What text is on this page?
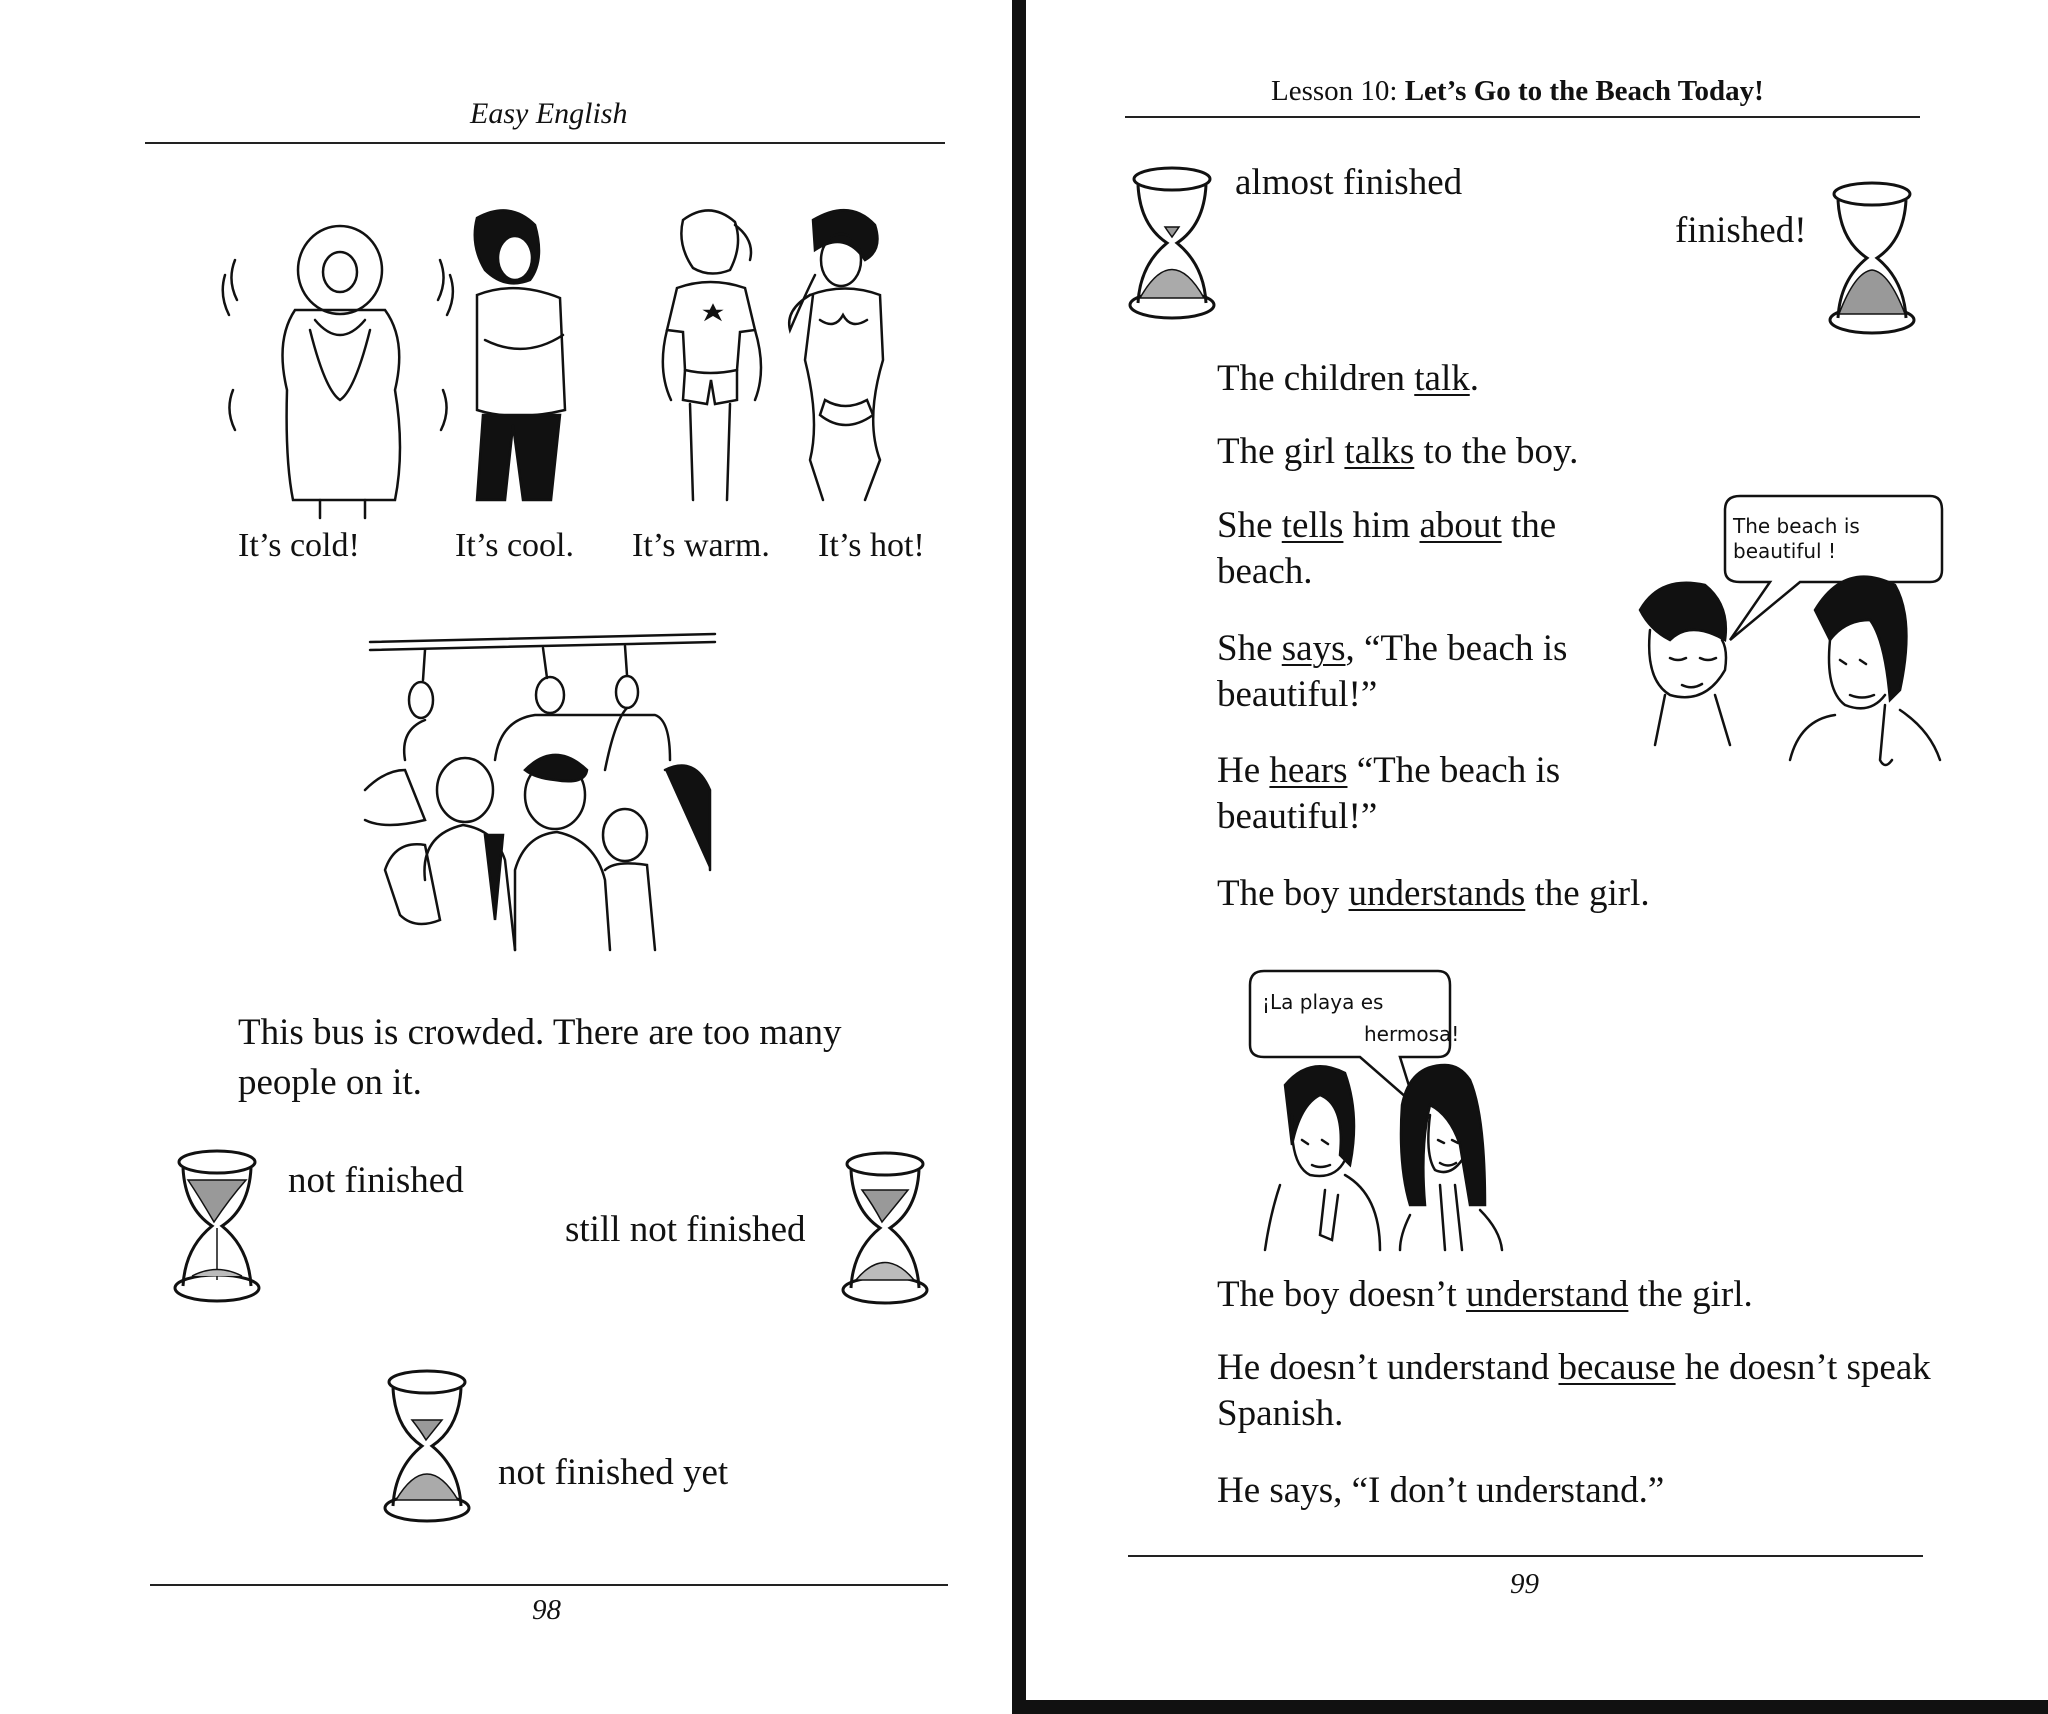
Easy English
It’s cold!	It’s cool. It’s warm. It’s hot!
This bus is crowded. There are too many
people on it.
not finished
still not finished
not finished yet
98
Lesson 10: Let’s Go to the Beach Today!
almost finished
finished!
The children talk.
The girl talks to the boy.
She tells him about the
beach.
She says, “The beach is
beautiful!”
He hears “The beach is
beautiful!”
The boy understands the girl.
The beach is
beautiful !
¡La playa es
hermosa!
The boy doesn’t understand the girl.
He doesn’t understand because he doesn’t speak
Spanish.
He says, “I don’t understand.”
99
